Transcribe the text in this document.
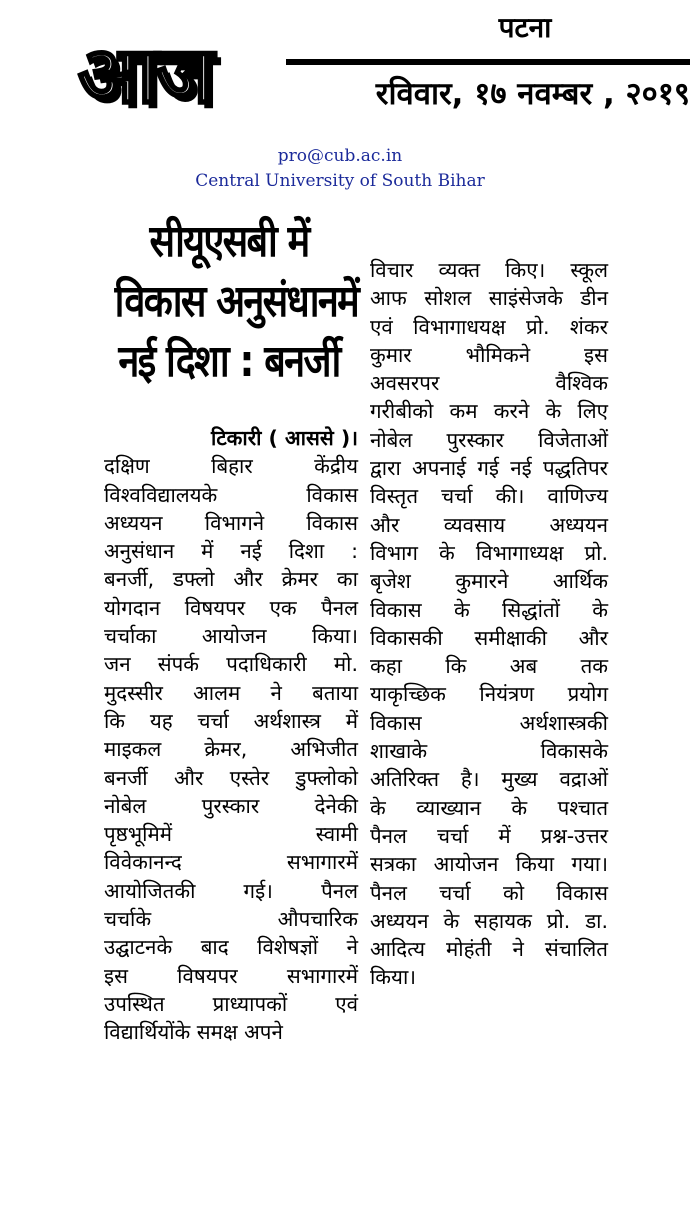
आज
पटना
रविवार, १७ नवम्बर , २०१९
pro@cub.ac.in
Central University of South Bihar
सीयूएसबी में
विकास अनुसंधानमें
नई दिशा : बनर्जी
टिकारी ( आससे )।
दक्षिण बिहार केंद्रीय
विश्वविद्यालयके विकास
अध्ययन विभागने विकास
अनुसंधान में नई दिशा :
बनर्जी, डफ्लो और क्रेमर का
योगदान विषयपर एक पैनल
चर्चाका आयोजन किया।
जन संपर्क पदाधिकारी मो.
मुदस्सीर आलम ने बताया
कि यह चर्चा अर्थशास्त्र में
माइकल क्रेमर, अभिजीत
बनर्जी और एस्तेर डुफ्लोको
नोबेल पुरस्कार देनेकी
पृष्ठभूमिमें स्वामी
विवेकानन्द सभागारमें
आयोजितकी गई। पैनल
चर्चाके औपचारिक
उद्घाटनके बाद विशेषज्ञों ने
इस विषयपर सभागारमें
उपस्थित प्राध्यापकों एवं
विद्यार्थियोंके समक्ष अपने
विचार व्यक्त किए। स्कूल
आफ सोशल साइंसेजके डीन
एवं विभागाधयक्ष प्रो. शंकर
कुमार भौमिकने इस
अवसरपर वैश्विक
गरीबीको कम करने के लिए
नोबेल पुरस्कार विजेताओं
द्वारा अपनाई गई नई पद्धतिपर
विस्तृत चर्चा की। वाणिज्य
और व्यवसाय अध्ययन
विभाग के विभागाध्यक्ष प्रो.
बृजेश कुमारने आर्थिक
विकास के सिद्धांतों के
विकासकी समीक्षाकी और
कहा कि अब तक
याकृच्छिक नियंत्रण प्रयोग
विकास अर्थशास्त्रकी
शाखाके विकासके
अतिरिक्त है। मुख्य वद्राओं
के व्याख्यान के पश्चात
पैनल चर्चा में प्रश्न-उत्तर
सत्रका आयोजन किया गया।
पैनल चर्चा को विकास
अध्ययन के सहायक प्रो. डा.
आदित्य मोहंती ने संचालित
किया।
